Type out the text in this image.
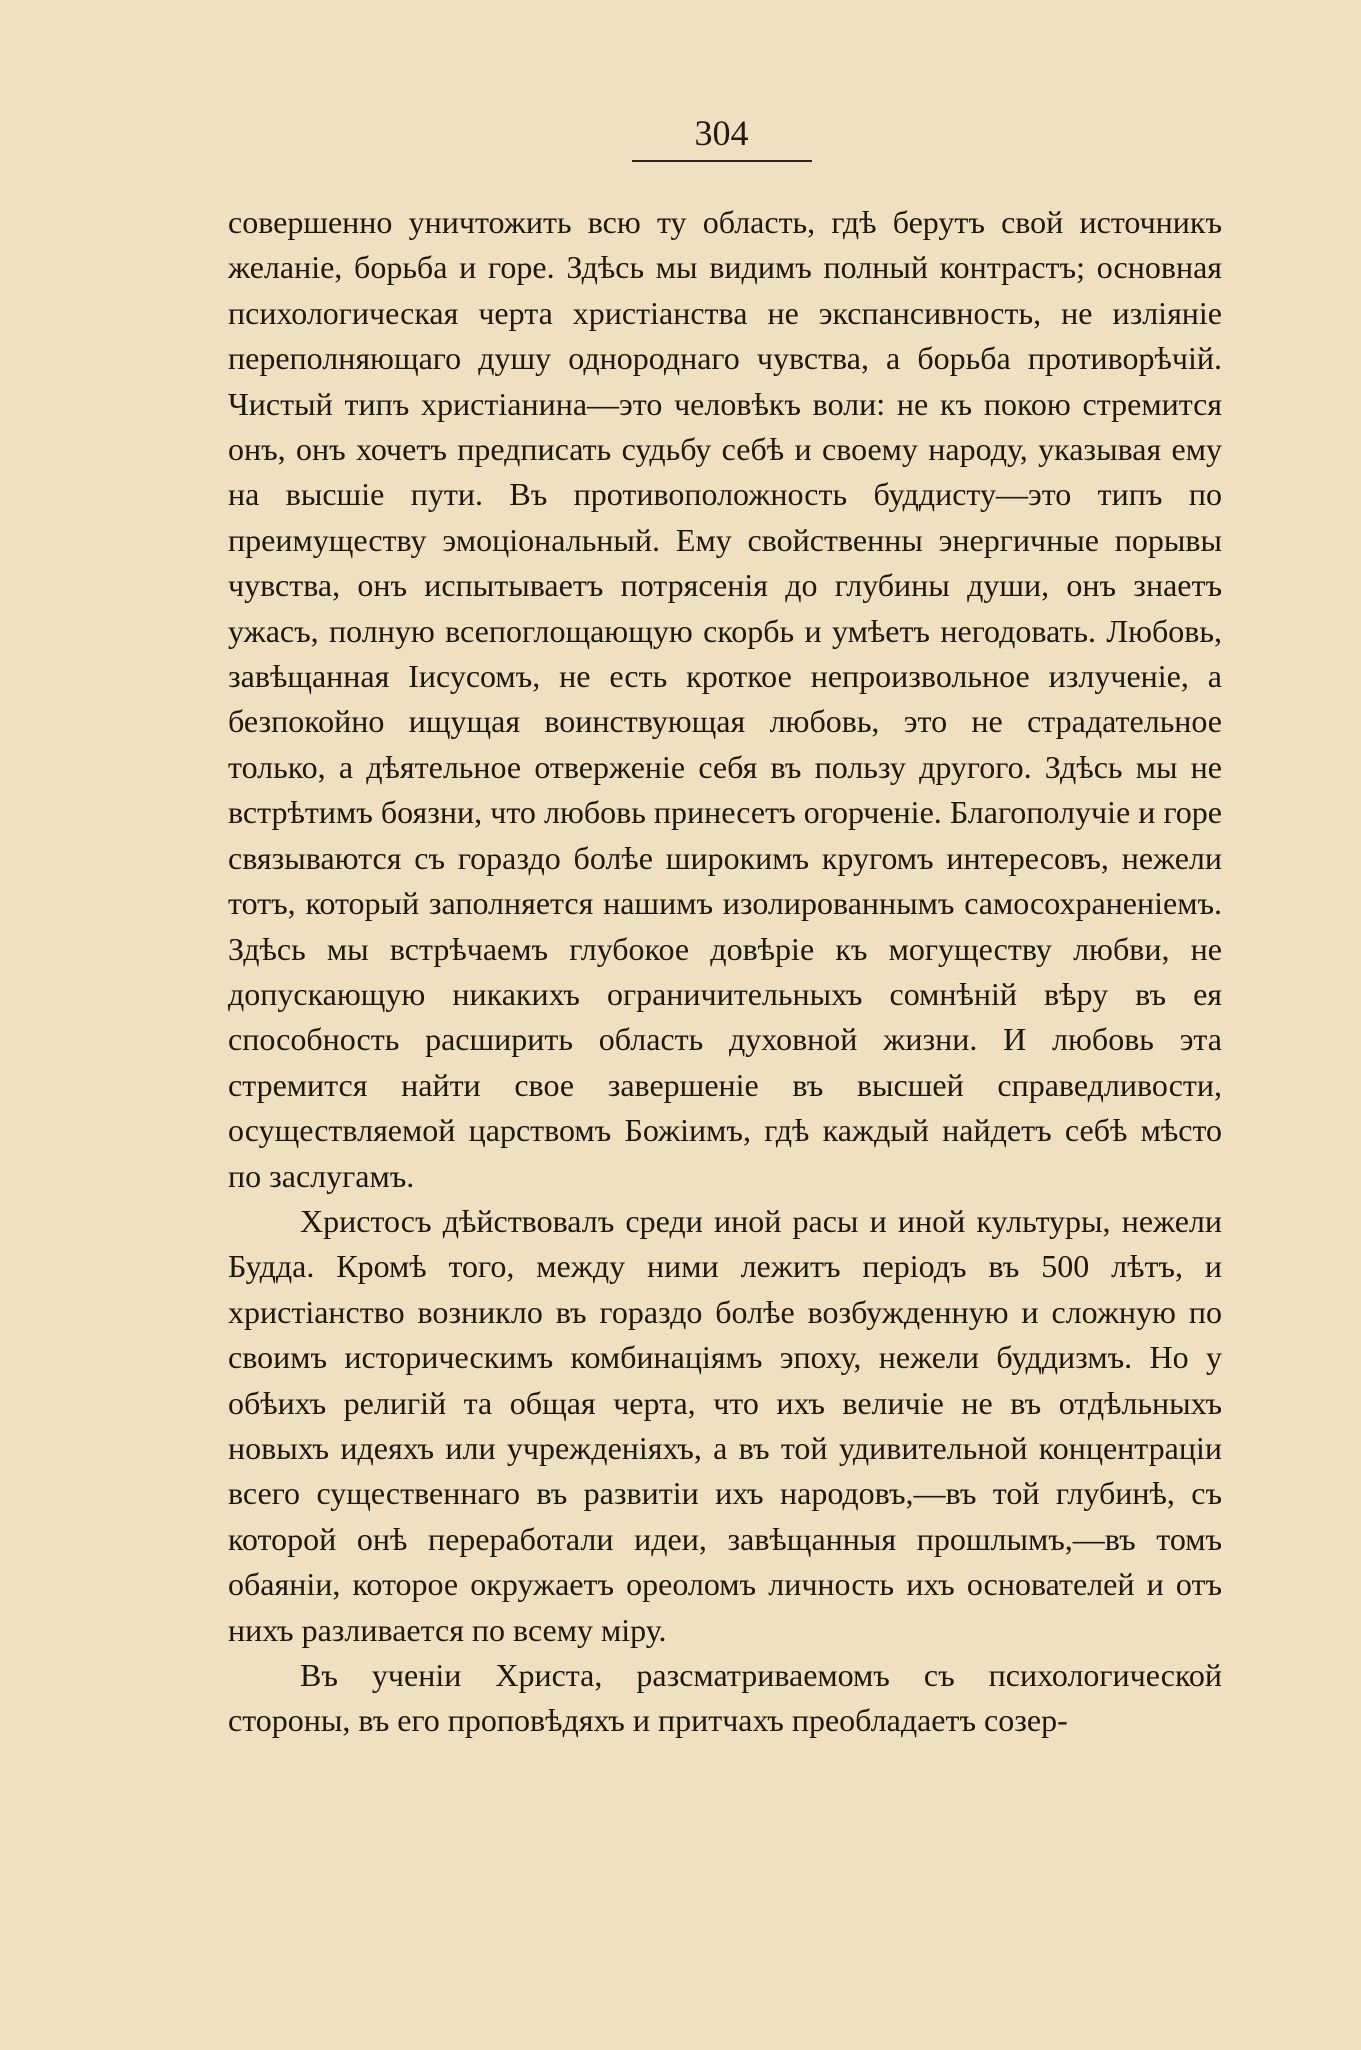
304

совершенно уничтожить всю ту область, гдѣ берутъ свой источникъ желаніе, борьба и горе. Здѣсь мы видимъ полный контрастъ; основная психологическая черта христіанства не экспансивность, не изліяніе переполняющаго душу однороднаго чувства, а борьба противорѣчій. Чистый типъ христіанина—это человѣкъ воли: не къ покою стремится онъ, онъ хочетъ предписать судьбу себѣ и своему народу, указывая ему на высшіе пути. Въ противоположность буддисту—это типъ по преимуществу эмоціональный. Ему свойственны энергичные порывы чувства, онъ испытываетъ потрясенія до глубины души, онъ знаетъ ужасъ, полную всепоглощающую скорбь и умѣетъ негодовать. Любовь, завѣщанная Іисусомъ, не есть кроткое непроизвольное излученіе, а безпокойно ищущая воинствующая любовь, это не страдательное только, а дѣятельное отверженіе себя въ пользу другого. Здѣсь мы не встрѣтимъ боязни, что любовь принесетъ огорченіе. Благополучіе и горе связываются съ гораздо болѣе широкимъ кругомъ интересовъ, нежели тотъ, который заполняется нашимъ изолированнымъ самосохраненіемъ. Здѣсь мы встрѣчаемъ глубокое довѣріе къ могуществу любви, не допускающую никакихъ ограничительныхъ сомнѣній вѣру въ ея способность расширить область духовной жизни. И любовь эта стремится найти свое завершеніе въ высшей справедливости, осуществляемой царствомъ Божіимъ, гдѣ каждый найдетъ себѣ мѣсто по заслугамъ.

Христосъ дѣйствовалъ среди иной расы и иной культуры, нежели Будда. Кромѣ того, между ними лежитъ періодъ въ 500 лѣтъ, и христіанство возникло въ гораздо болѣе возбужденную и сложную по своимъ историческимъ комбинаціямъ эпоху, нежели буддизмъ. Но у обѣихъ религій та общая черта, что ихъ величіе не въ отдѣльныхъ новыхъ идеяхъ или учрежденіяхъ, а въ той удивительной концентраціи всего существеннаго въ развитіи ихъ народовъ,—въ той глубинѣ, съ которой онѣ переработали идеи, завѣщанныя прошлымъ,—въ томъ обаяніи, которое окружаетъ ореоломъ личность ихъ основателей и отъ нихъ разливается по всему міру.

Въ ученіи Христа, разсматриваемомъ съ психологической стороны, въ его проповѣдяхъ и притчахъ преобладаетъ созер-
